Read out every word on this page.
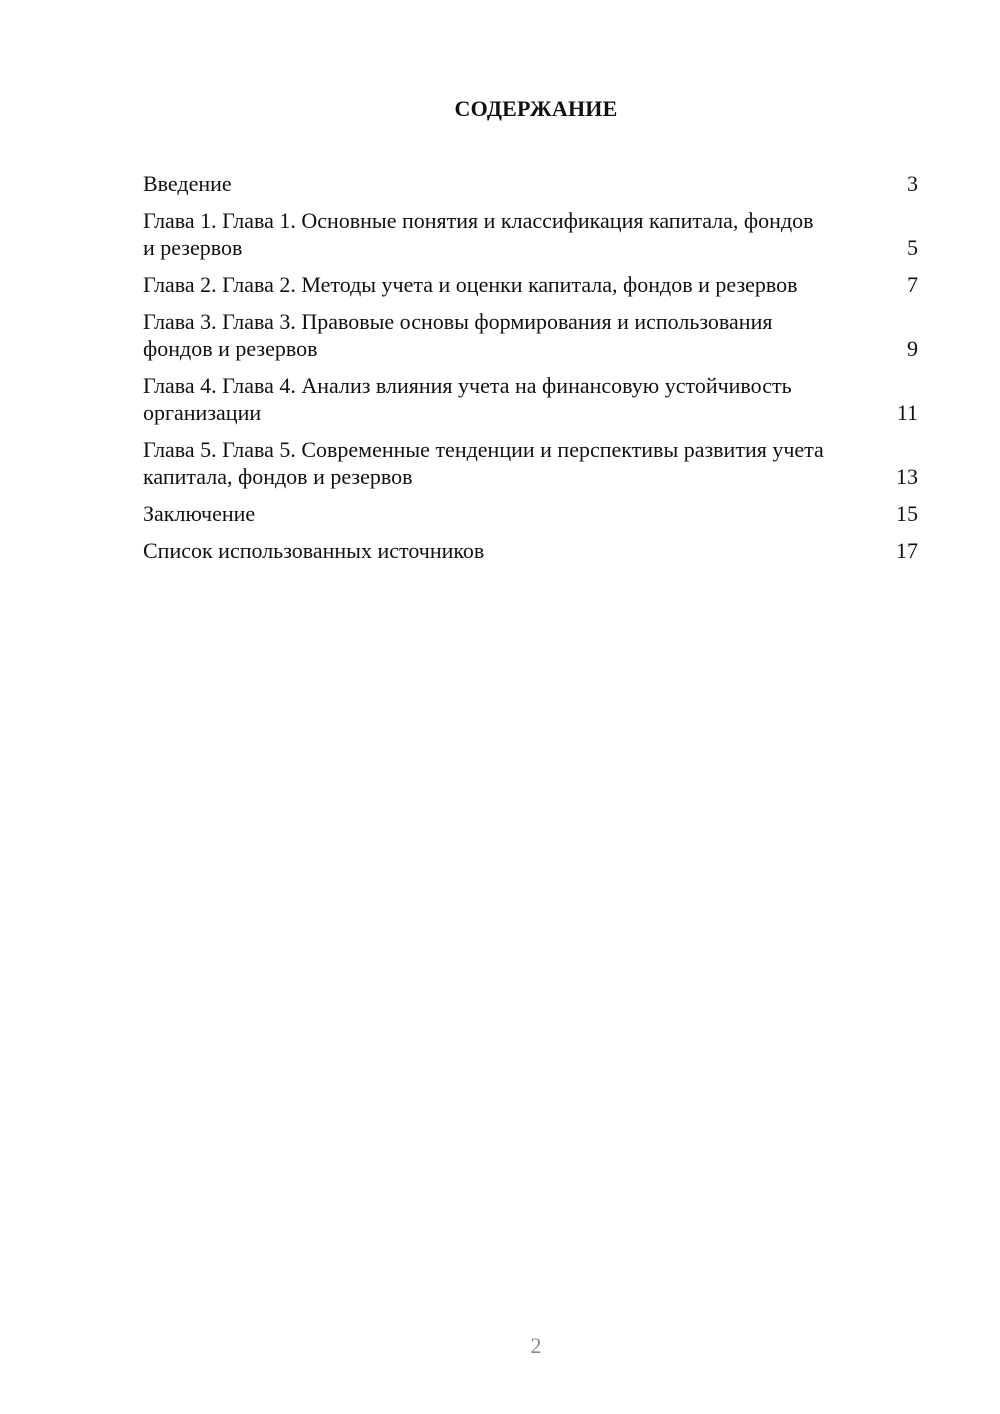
СОДЕРЖАНИЕ
Введение	3
Глава 1. Глава 1. Основные понятия и классификация капитала, фондов и резервов	5
Глава 2. Глава 2. Методы учета и оценки капитала, фондов и резервов	7
Глава 3. Глава 3. Правовые основы формирования и использования фондов и резервов	9
Глава 4. Глава 4. Анализ влияния учета на финансовую устойчивость организации	11
Глава 5. Глава 5. Современные тенденции и перспективы развития учета капитала, фондов и резервов	13
Заключение	15
Список использованных источников	17
2
